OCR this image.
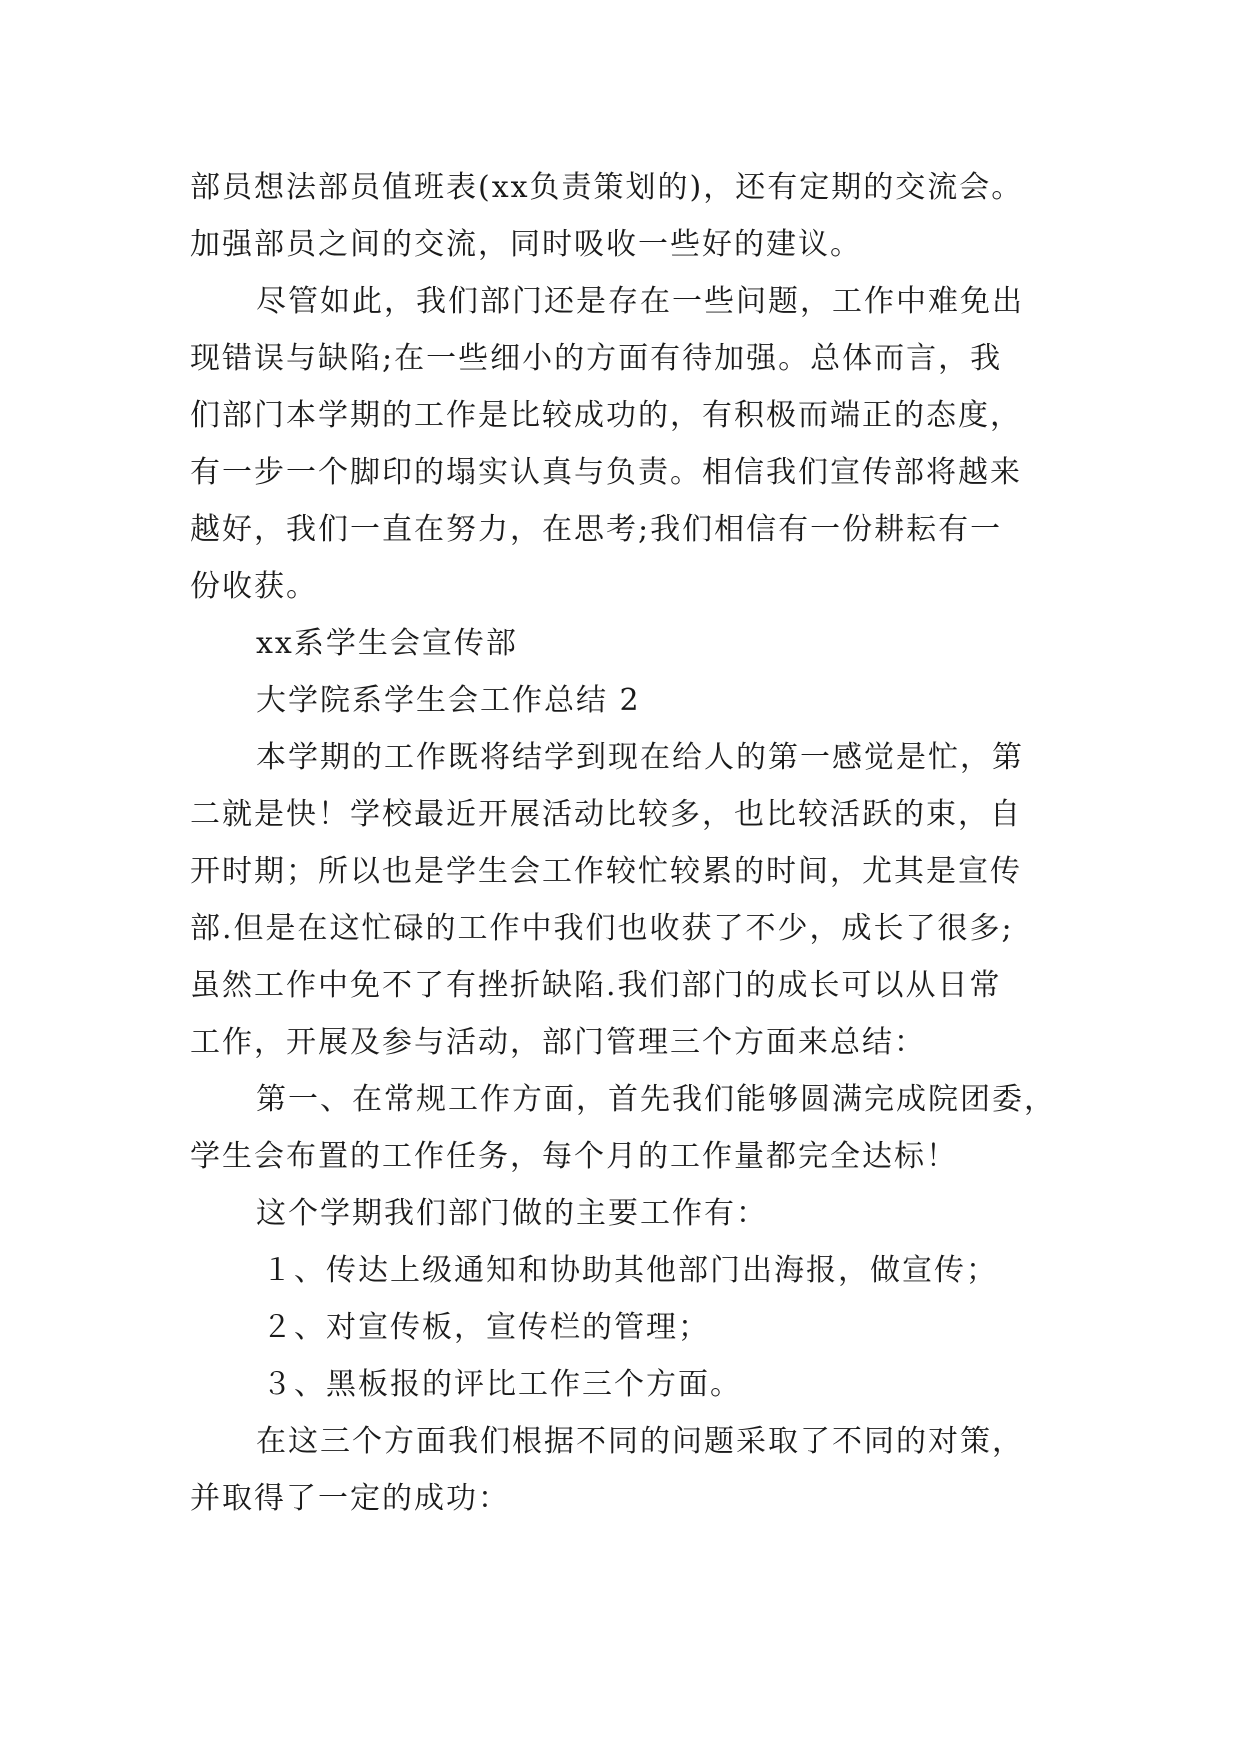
部员想法部员值班表(xx负责策划的)，还有定期的交流会。
加强部员之间的交流，同时吸收一些好的建议。
尽管如此，我们部门还是存在一些问题，工作中难免出
现错误与缺陷;在一些细小的方面有待加强。总体而言，我
们部门本学期的工作是比较成功的，有积极而端正的态度，
有一步一个脚印的塌实认真与负责。相信我们宣传部将越来
越好，我们一直在努力，在思考;我们相信有一份耕耘有一
份收获。
xx系学生会宣传部
大学院系学生会工作总结 2
本学期的工作既将结学到现在给人的第一感觉是忙，第
二就是快！学校最近开展活动比较多，也比较活跃的束，自
开时期；所以也是学生会工作较忙较累的时间，尤其是宣传
部.但是在这忙碌的工作中我们也收获了不少，成长了很多;
虽然工作中免不了有挫折缺陷.我们部门的成长可以从日常
工作，开展及参与活动，部门管理三个方面来总结：
第一、在常规工作方面，首先我们能够圆满完成院团委，
学生会布置的工作任务，每个月的工作量都完全达标！
这个学期我们部门做的主要工作有：
１、传达上级通知和协助其他部门出海报，做宣传；
２、对宣传板，宣传栏的管理；
３、黑板报的评比工作三个方面。
在这三个方面我们根据不同的问题采取了不同的对策，
并取得了一定的成功：
